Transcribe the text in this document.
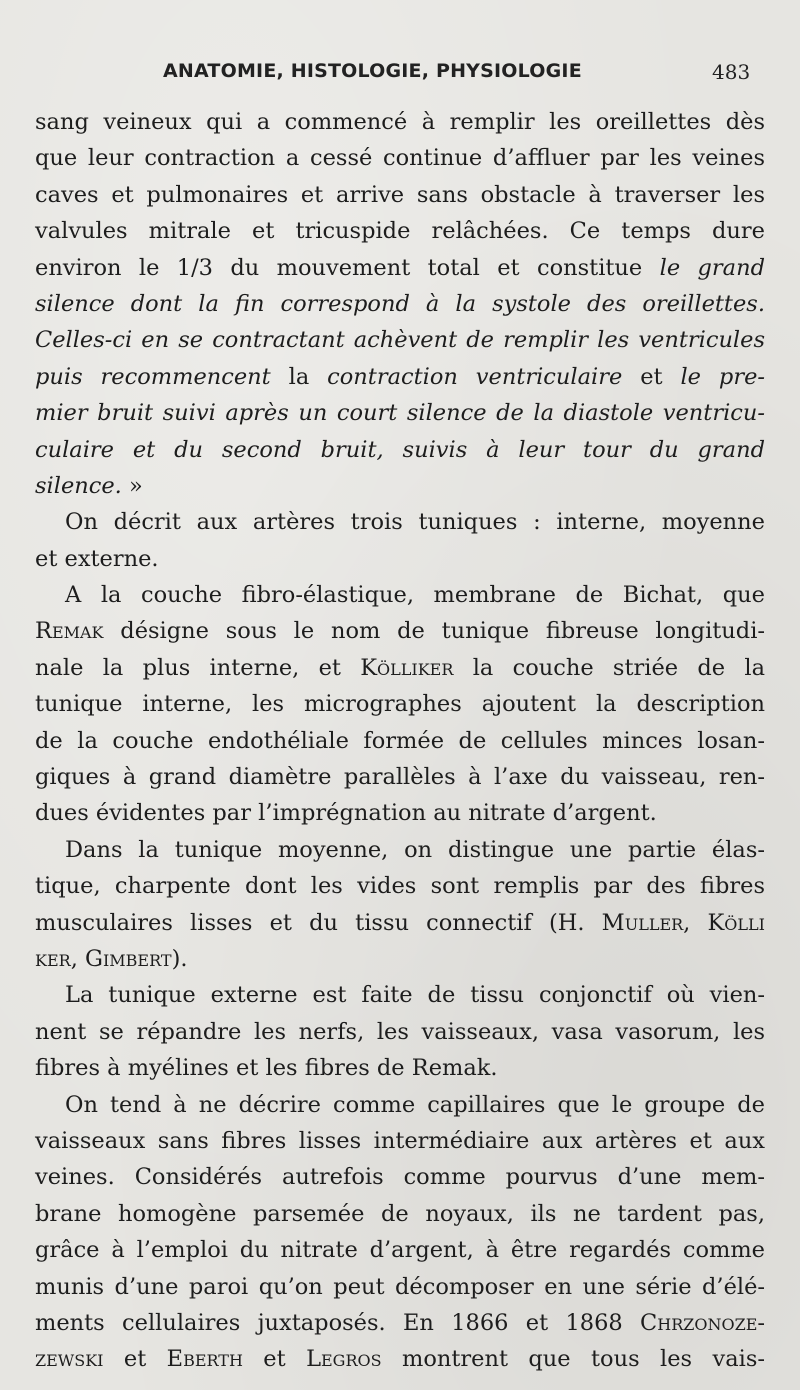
ANATOMIE, HISTOLOGIE, PHYSIOLOGIE	483
sang veineux qui a commencé à remplir les oreillettes dès
que leur contraction a cessé continue d’affluer par les veines
caves et pulmonaires et arrive sans obstacle à traverser les
valvules mitrale et tricuspide relâchées. Ce temps dure
environ le 1/3 du mouvement total et constitue le grand
silence dont la fin correspond à la systole des oreillettes.
Celles-ci en se contractant achèvent de remplir les ventricules
puis recommencent la contraction ventriculaire et le pre-
mier bruit suivi après un court silence de la diastole ventricu-
culaire et du second bruit, suivis à leur tour du grand
silence. »
On décrit aux artères trois tuniques : interne, moyenne
et externe.
A la couche fibro-élastique, membrane de Bichat, que
Remak désigne sous le nom de tunique fibreuse longitudi-
nale la plus interne, et Kölliker la couche striée de la
tunique interne, les micrographes ajoutent la description
de la couche endothéliale formée de cellules minces losan-
giques à grand diamètre parallèles à l’axe du vaisseau, ren-
dues évidentes par l’imprégnation au nitrate d’argent.
Dans la tunique moyenne, on distingue une partie élas-
tique, charpente dont les vides sont remplis par des fibres
musculaires lisses et du tissu connectif (H. Muller, Kölli
ker, Gimbert).
La tunique externe est faite de tissu conjonctif où vien-
nent se répandre les nerfs, les vaisseaux, vasa vasorum, les
fibres à myélines et les fibres de Remak.
On tend à ne décrire comme capillaires que le groupe de
vaisseaux sans fibres lisses intermédiaire aux artères et aux
veines. Considérés autrefois comme pourvus d’une mem-
brane homogène parsemée de noyaux, ils ne tardent pas,
grâce à l’emploi du nitrate d’argent, à être regardés comme
munis d’une paroi qu’on peut décomposer en une série d’élé-
ments cellulaires juxtaposés. En 1866 et 1868 Chrzonoze-
zewski et Eberth et Legros montrent que tous les vais-
